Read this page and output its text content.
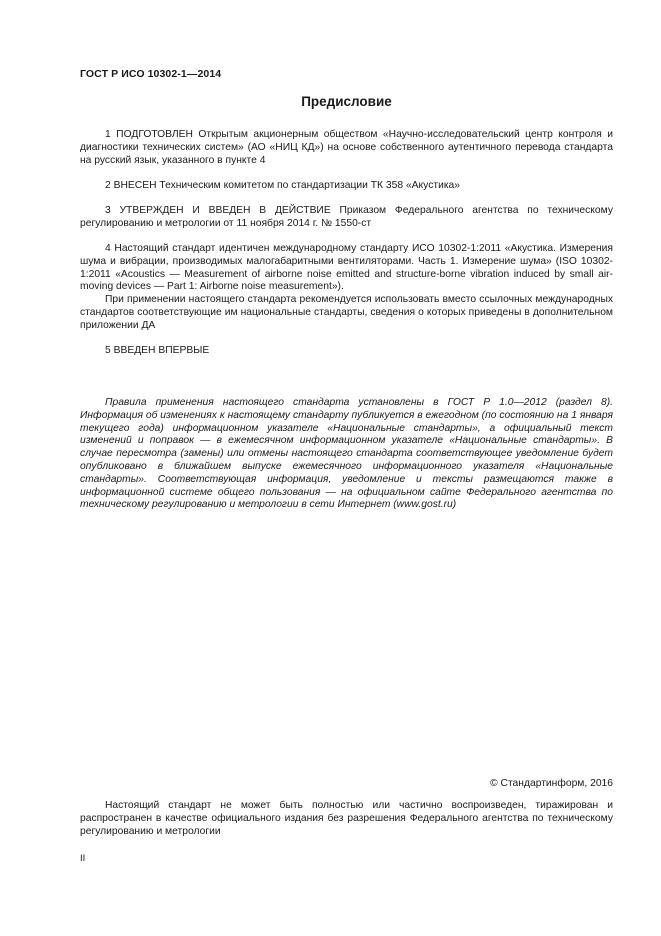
ГОСТ Р ИСО 10302-1—2014
Предисловие

1 ПОДГОТОВЛЕН Открытым акционерным обществом «Научно-исследовательский центр контроля и диагностики технических систем» (АО «НИЦ КД») на основе собственного аутентичного перевода стандарта на русский язык, указанного в пункте 4

2 ВНЕСЕН Техническим комитетом по стандартизации ТК 358 «Акустика»

3 УТВЕРЖДЕН И ВВЕДЕН В ДЕЙСТВИЕ Приказом Федерального агентства по техническому регулированию и метрологии от 11 ноября 2014 г. № 1550-ст

4 Настоящий стандарт идентичен международному стандарту ИСО 10302-1:2011 «Акустика. Измерения шума и вибрации, производимых малогабаритными вентиляторами. Часть 1. Измерение шума» (ISO 10302-1:2011 «Acoustics — Measurement of airborne noise emitted and structure-borne vibration induced by small air-moving devices — Part 1: Airborne noise measurement»).

При применении настоящего стандарта рекомендуется использовать вместо ссылочных международных стандартов соответствующие им национальные стандарты, сведения о которых приведены в дополнительном приложении ДА

5 ВВЕДЕН ВПЕРВЫЕ

Правила применения настоящего стандарта установлены в ГОСТ Р 1.0—2012 (раздел 8). Информация об изменениях к настоящему стандарту публикуется в ежегодном (по состоянию на 1 января текущего года) информационном указателе «Национальные стандарты», а официальный текст изменений и поправок — в ежемесячном информационном указателе «Национальные стандарты». В случае пересмотра (замены) или отмены настоящего стандарта соответствующее уведомление будет опубликовано в ближайшем выпуске ежемесячного информационного указателя «Национальные стандарты». Соответствующая информация, уведомление и тексты размещаются также в информационной системе общего пользования — на официальном сайте Федерального агентства по техническому регулированию и метрологии в сети Интернет (www.gost.ru)

© Стандартинформ, 2016

Настоящий стандарт не может быть полностью или частично воспроизведен, тиражирован и распространен в качестве официального издания без разрешения Федерального агентства по техническому регулированию и метрологии

II
